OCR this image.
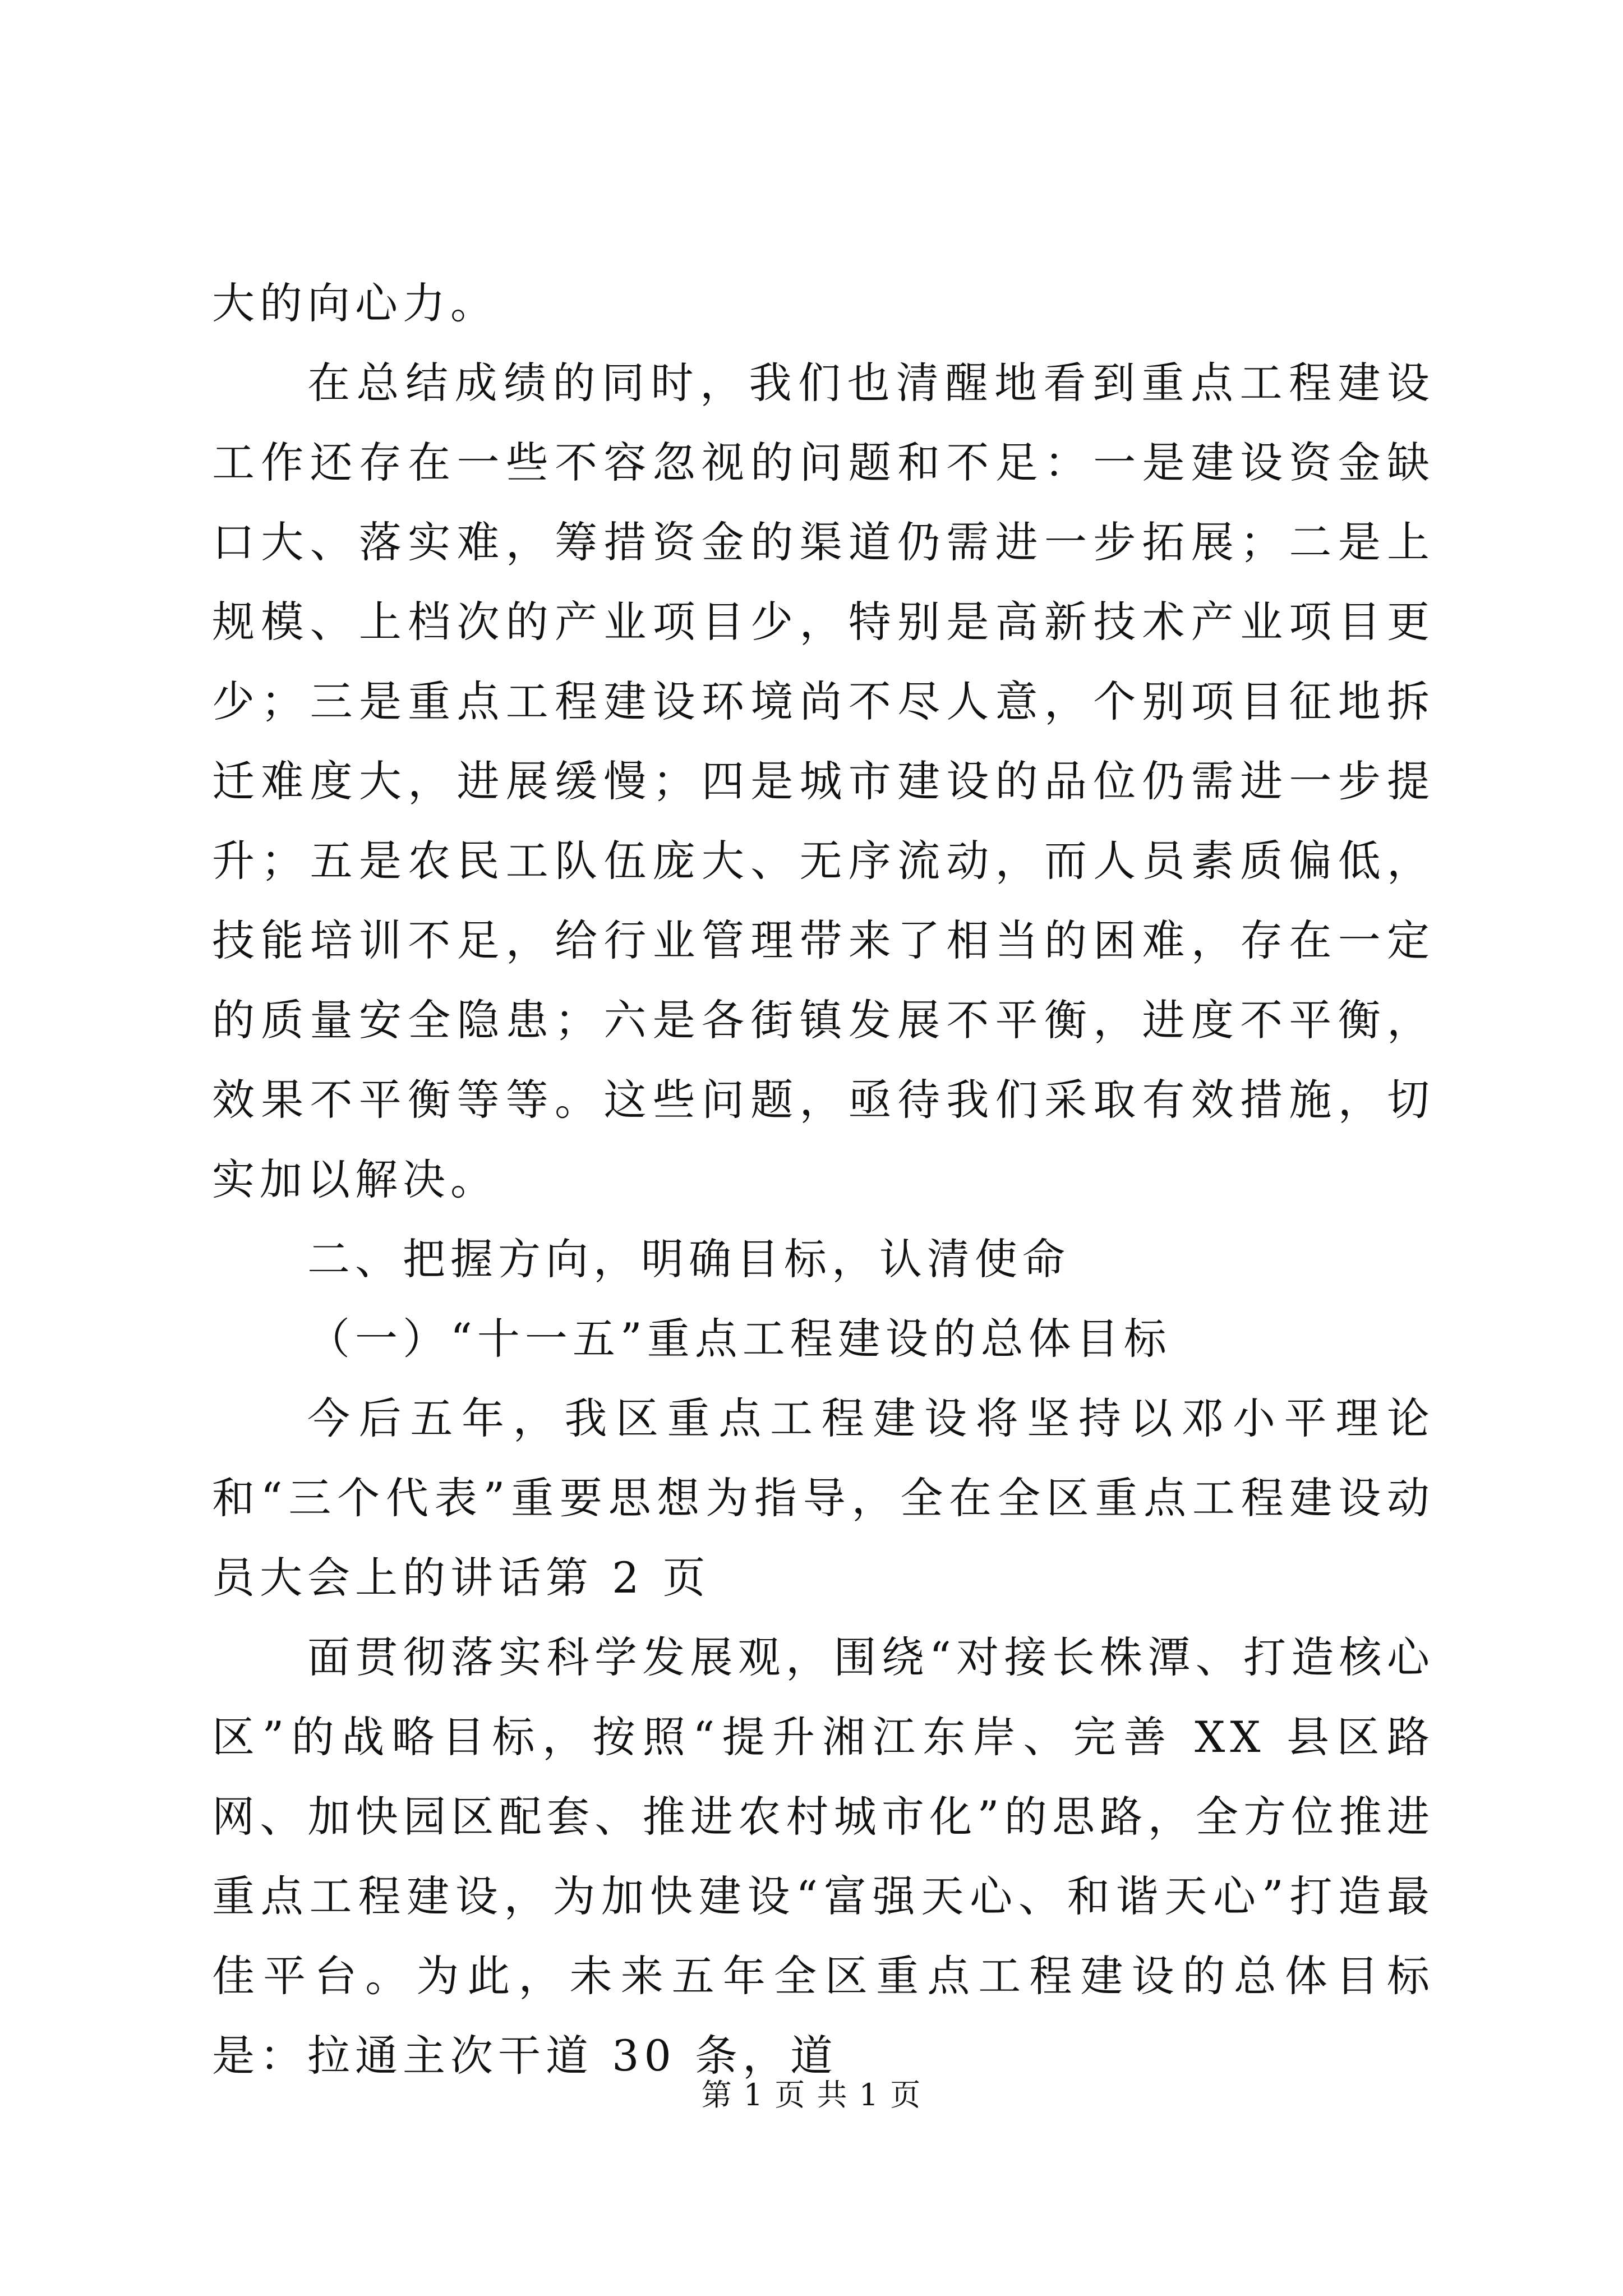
大的向心力。

在总结成绩的同时，我们也清醒地看到重点工程建设工作还存在一些不容忽视的问题和不足：一是建设资金缺口大、落实难，筹措资金的渠道仍需进一步拓展；二是上规模、上档次的产业项目少，特别是高新技术产业项目更少；三是重点工程建设环境尚不尽人意，个别项目征地拆迁难度大，进展缓慢；四是城市建设的品位仍需进一步提升；五是农民工队伍庞大、无序流动，而人员素质偏低，技能培训不足，给行业管理带来了相当的困难，存在一定的质量安全隐患；六是各街镇发展不平衡，进度不平衡，效果不平衡等等。这些问题，亟待我们采取有效措施，切实加以解决。

二、把握方向，明确目标，认清使命

（一）“十一五”重点工程建设的总体目标

今后五年，我区重点工程建设将坚持以邓小平理论和“三个代表”重要思想为指导，全在全区重点工程建设动员大会上的讲话第 2 页

面贯彻落实科学发展观，围绕“对接长株潭、打造核心区”的战略目标，按照“提升湘江东岸、完善 XX 县区路网、加快园区配套、推进农村城市化”的思路，全方位推进重点工程建设，为加快建设“富强天心、和谐天心”打造最佳平台。为此，未来五年全区重点工程建设的总体目标是：拉通主次干道 30 条，道

第 1 页 共 1 页
